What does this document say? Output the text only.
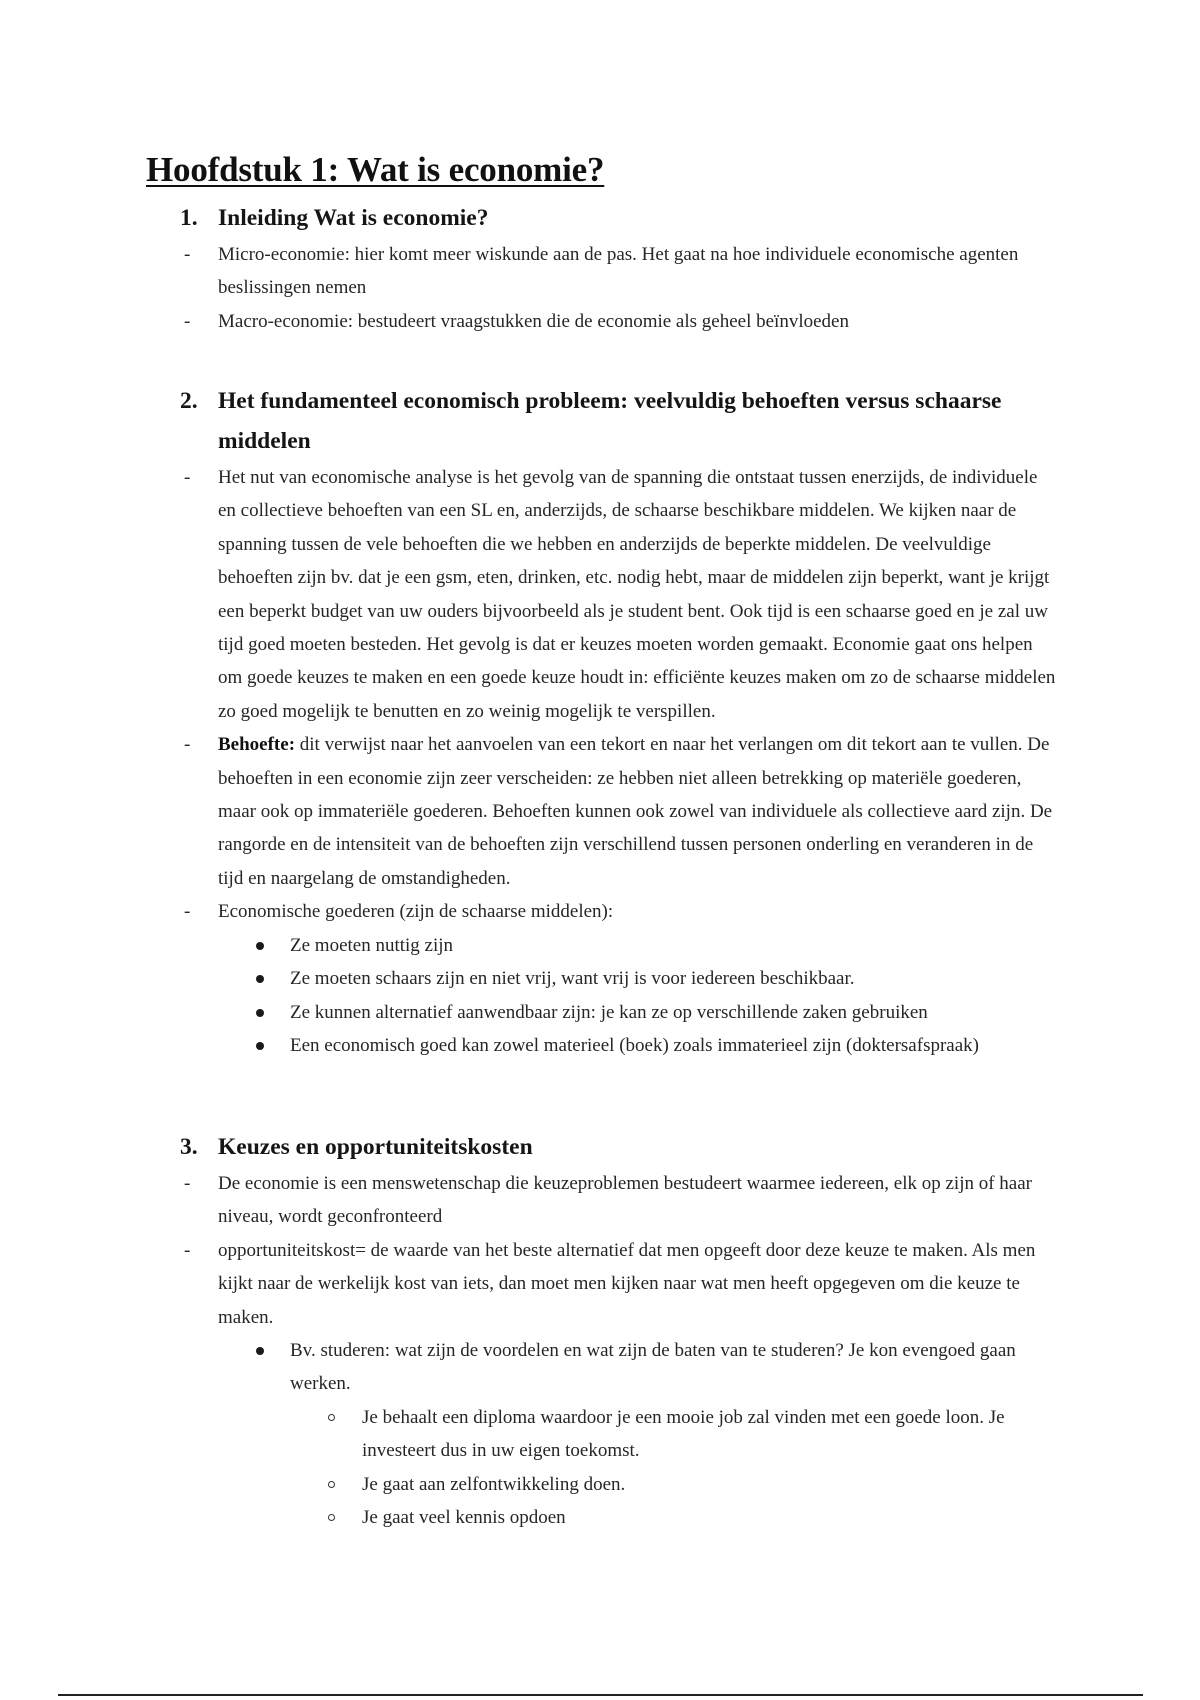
Hoofdstuk 1: Wat is economie?
1. Inleiding Wat is economie?
- Micro-economie: hier komt meer wiskunde aan de pas. Het gaat na hoe individuele economische agenten beslissingen nemen
- Macro-economie: bestudeert vraagstukken die de economie als geheel beïnvloeden
2. Het fundamenteel economisch probleem: veelvuldig behoeften versus schaarse middelen
- Het nut van economische analyse is het gevolg van de spanning die ontstaat tussen enerzijds, de individuele en collectieve behoeften van een SL en, anderzijds, de schaarse beschikbare middelen. We kijken naar de spanning tussen de vele behoeften die we hebben en anderzijds de beperkte middelen. De veelvuldige behoeften zijn bv. dat je een gsm, eten, drinken, etc. nodig hebt, maar de middelen zijn beperkt, want je krijgt een beperkt budget van uw ouders bijvoorbeeld als je student bent. Ook tijd is een schaarse goed en je zal uw tijd goed moeten besteden. Het gevolg is dat er keuzes moeten worden gemaakt. Economie gaat ons helpen om goede keuzes te maken en een goede keuze houdt in: efficiënte keuzes maken om zo de schaarse middelen zo goed mogelijk te benutten en zo weinig mogelijk te verspillen.
- Behoefte: dit verwijst naar het aanvoelen van een tekort en naar het verlangen om dit tekort aan te vullen. De behoeften in een economie zijn zeer verscheiden: ze hebben niet alleen betrekking op materiële goederen, maar ook op immateriële goederen. Behoeften kunnen ook zowel van individuele als collectieve aard zijn. De rangorde en de intensiteit van de behoeften zijn verschillend tussen personen onderling en veranderen in de tijd en naargelang de omstandigheden.
- Economische goederen (zijn de schaarse middelen):
Ze moeten nuttig zijn
Ze moeten schaars zijn en niet vrij, want vrij is voor iedereen beschikbaar.
Ze kunnen alternatief aanwendbaar zijn: je kan ze op verschillende zaken gebruiken
Een economisch goed kan zowel materieel (boek) zoals immaterieel zijn (doktersafspraak)
3. Keuzes en opportuniteitskosten
- De economie is een menswetenschap die keuzeproblemen bestudeert waarmee iedereen, elk op zijn of haar niveau, wordt geconfronteerd
- opportuniteitskost= de waarde van het beste alternatief dat men opgeeft door deze keuze te maken. Als men kijkt naar de werkelijk kost van iets, dan moet men kijken naar wat men heeft opgegeven om die keuze te maken.
Bv. studeren: wat zijn de voordelen en wat zijn de baten van te studeren? Je kon evengoed gaan werken.
Je behaalt een diploma waardoor je een mooie job zal vinden met een goede loon. Je investeert dus in uw eigen toekomst.
Je gaat aan zelfontwikkeling doen.
Je gaat veel kennis opdoen
